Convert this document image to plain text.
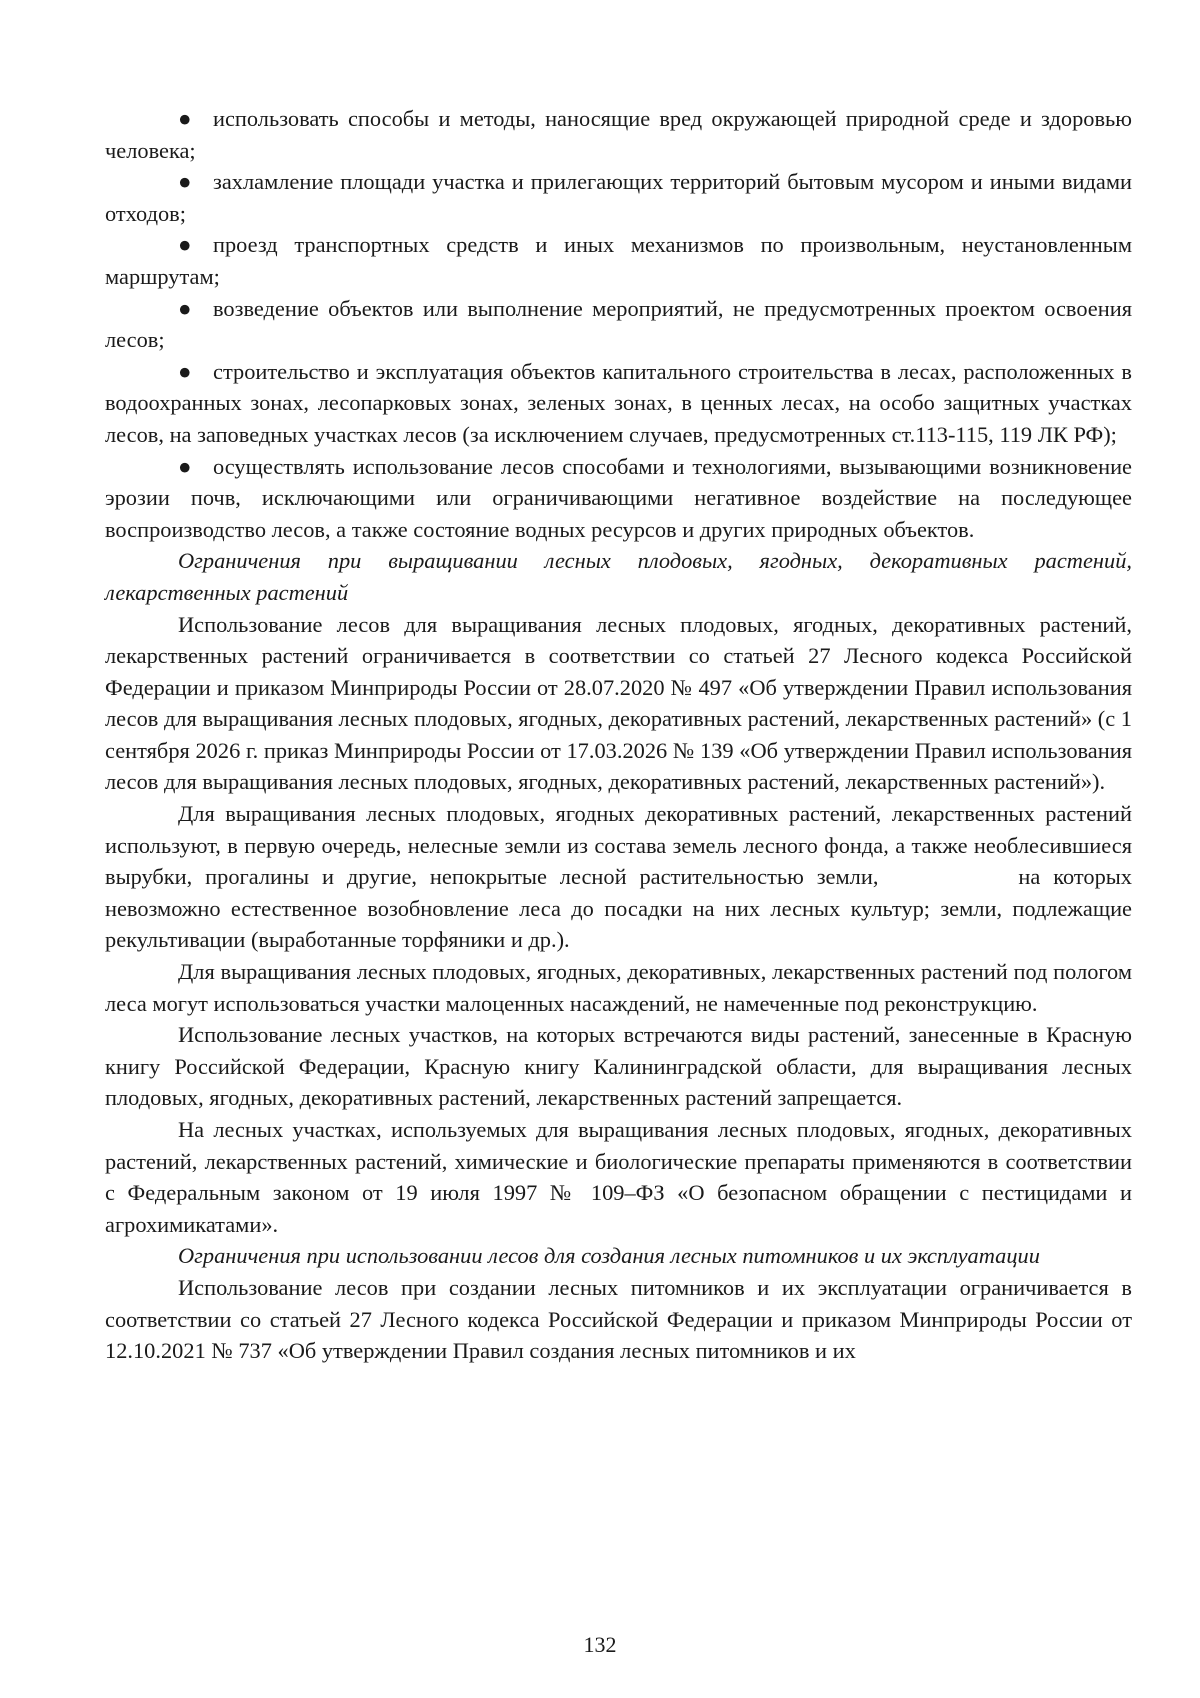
● использовать способы и методы, наносящие вред окружающей природной среде и здоровью человека;

● захламление площади участка и прилегающих территорий бытовым мусором и иными видами отходов;

● проезд транспортных средств и иных механизмов по произвольным, неустановленным маршрутам;

● возведение объектов или выполнение мероприятий, не предусмотренных проектом освоения лесов;

● строительство и эксплуатация объектов капитального строительства в лесах, расположенных в водоохранных зонах, лесопарковых зонах, зеленых зонах, в ценных лесах, на особо защитных участках лесов, на заповедных участках лесов (за исключением случаев, предусмотренных ст.113-115, 119 ЛК РФ);

● осуществлять использование лесов способами и технологиями, вызывающими возникновение эрозии почв, исключающими или ограничивающими негативное воздействие на последующее воспроизводство лесов, а также состояние водных ресурсов и других природных объектов.

Ограничения при выращивании лесных плодовых, ягодных, декоративных растений, лекарственных растений

Использование лесов для выращивания лесных плодовых, ягодных, декоративных растений, лекарственных растений ограничивается в соответствии со статьей 27 Лесного кодекса Российской Федерации и приказом Минприроды России от 28.07.2020 № 497 «Об утверждении Правил использования лесов для выращивания лесных плодовых, ягодных, декоративных растений, лекарственных растений» (с 1 сентября 2026 г. приказ Минприроды России от 17.03.2026 № 139 «Об утверждении Правил использования лесов для выращивания лесных плодовых, ягодных, декоративных растений, лекарственных растений»).

Для выращивания лесных плодовых, ягодных декоративных растений, лекарственных растений используют, в первую очередь, нелесные земли из состава земель лесного фонда, а также необлесившиеся вырубки, прогалины и другие, непокрытые лесной растительностью земли,	на которых невозможно естественное возобновление леса до посадки на них лесных культур; земли, подлежащие рекультивации (выработанные торфяники и др.).

Для выращивания лесных плодовых, ягодных, декоративных, лекарственных растений под пологом леса могут использоваться участки малоценных насаждений, не намеченные под реконструкцию.

Использование лесных участков, на которых встречаются виды растений, занесенные в Красную книгу Российской Федерации, Красную книгу Калининградской области, для выращивания лесных плодовых, ягодных, декоративных растений, лекарственных растений запрещается.

На лесных участках, используемых для выращивания лесных плодовых, ягодных, декоративных растений, лекарственных растений, химические и биологические препараты применяются в соответствии с Федеральным законом от 19 июля 1997 № 109–ФЗ «О безопасном обращении с пестицидами и агрохимикатами».

Ограничения при использовании лесов для создания лесных питомников и их эксплуатации

Использование лесов при создании лесных питомников и их эксплуатации ограничивается в соответствии со статьей 27 Лесного кодекса Российской Федерации и приказом Минприроды России от 12.10.2021 № 737 «Об утверждении Правил создания лесных питомников и их

132
